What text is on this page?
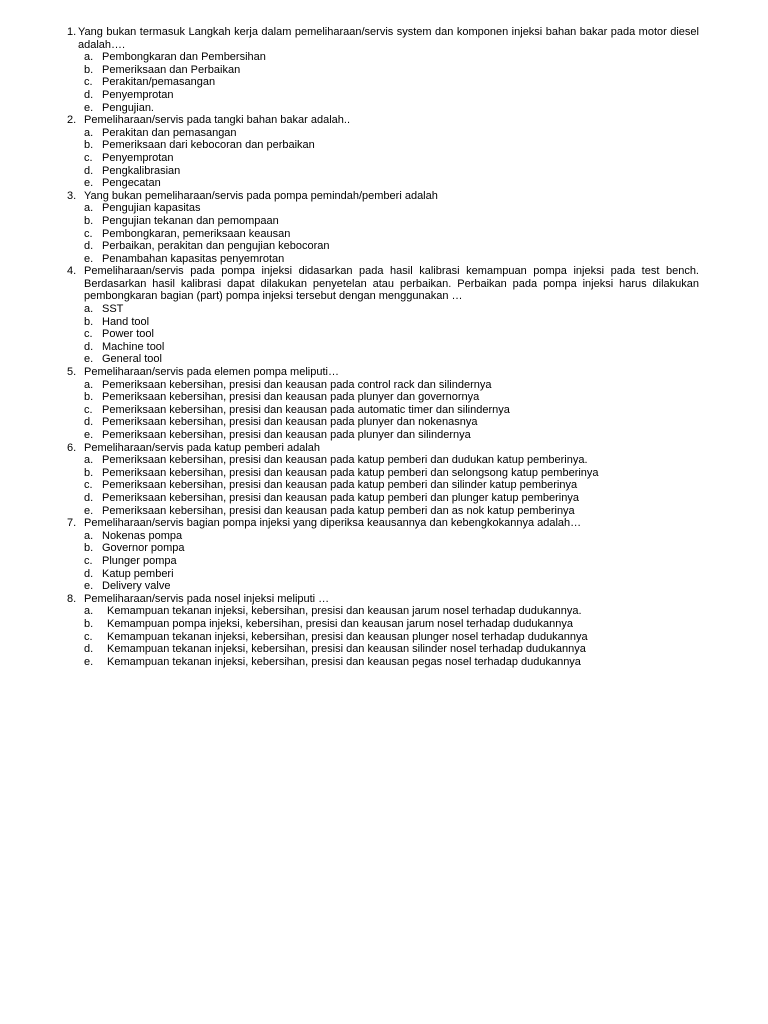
1. Yang bukan termasuk Langkah kerja dalam pemeliharaan/servis system dan komponen injeksi bahan bakar pada motor diesel adalah….
a. Pembongkaran dan Pembersihan
b. Pemeriksaan dan Perbaikan
c. Perakitan/pemasangan
d. Penyemprotan
e. Pengujian.
2. Pemeliharaan/servis pada tangki bahan bakar adalah..
a. Perakitan dan pemasangan
b. Pemeriksaan dari kebocoran dan perbaikan
c. Penyemprotan
d. Pengkalibrasian
e. Pengecatan
3. Yang bukan pemeliharaan/servis pada pompa pemindah/pemberi adalah
a. Pengujian kapasitas
b. Pengujian tekanan dan pemompaan
c. Pembongkaran, pemeriksaan keausan
d. Perbaikan, perakitan dan pengujian kebocoran
e. Penambahan kapasitas penyemrotan
4. Pemeliharaan/servis pada pompa injeksi didasarkan pada hasil kalibrasi kemampuan pompa injeksi pada test bench. Berdasarkan hasil kalibrasi dapat dilakukan penyetelan atau perbaikan. Perbaikan pada pompa injeksi harus dilakukan pembongkaran bagian (part) pompa injeksi tersebut dengan menggunakan …
a. SST
b. Hand tool
c. Power tool
d. Machine tool
e. General tool
5. Pemeliharaan/servis pada elemen pompa meliputi…
a. Pemeriksaan kebersihan, presisi dan keausan pada control rack dan silindernya
b. Pemeriksaan kebersihan, presisi dan keausan pada plunyer dan governornya
c. Pemeriksaan kebersihan, presisi dan keausan pada automatic timer dan silindernya
d. Pemeriksaan kebersihan, presisi dan keausan pada plunyer dan nokenasnya
e. Pemeriksaan kebersihan, presisi dan keausan pada plunyer dan silindernya
6. Pemeliharaan/servis pada katup pemberi adalah
a. Pemeriksaan kebersihan, presisi dan keausan pada katup pemberi dan dudukan katup pemberinya.
b. Pemeriksaan kebersihan, presisi dan keausan pada katup pemberi dan selongsong katup pemberinya
c. Pemeriksaan kebersihan, presisi dan keausan pada katup pemberi dan silinder katup pemberinya
d. Pemeriksaan kebersihan, presisi dan keausan pada katup pemberi dan plunger katup pemberinya
e. Pemeriksaan kebersihan, presisi dan keausan pada katup pemberi dan as nok katup pemberinya
7. Pemeliharaan/servis bagian pompa injeksi yang diperiksa keausannya dan kebengkokannya adalah…
a. Nokenas pompa
b. Governor pompa
c. Plunger pompa
d. Katup pemberi
e. Delivery valve
8. Pemeliharaan/servis pada nosel injeksi meliputi …
a.	Kemampuan tekanan injeksi, kebersihan, presisi dan keausan jarum nosel terhadap dudukannya.
b.	Kemampuan pompa injeksi, kebersihan, presisi dan keausan jarum nosel terhadap dudukannya
c.	Kemampuan tekanan injeksi, kebersihan, presisi dan keausan plunger nosel terhadap dudukannya
d.	Kemampuan tekanan injeksi, kebersihan, presisi dan keausan silinder nosel terhadap dudukannya
e.	Kemampuan tekanan injeksi, kebersihan, presisi dan keausan pegas nosel terhadap dudukannya
